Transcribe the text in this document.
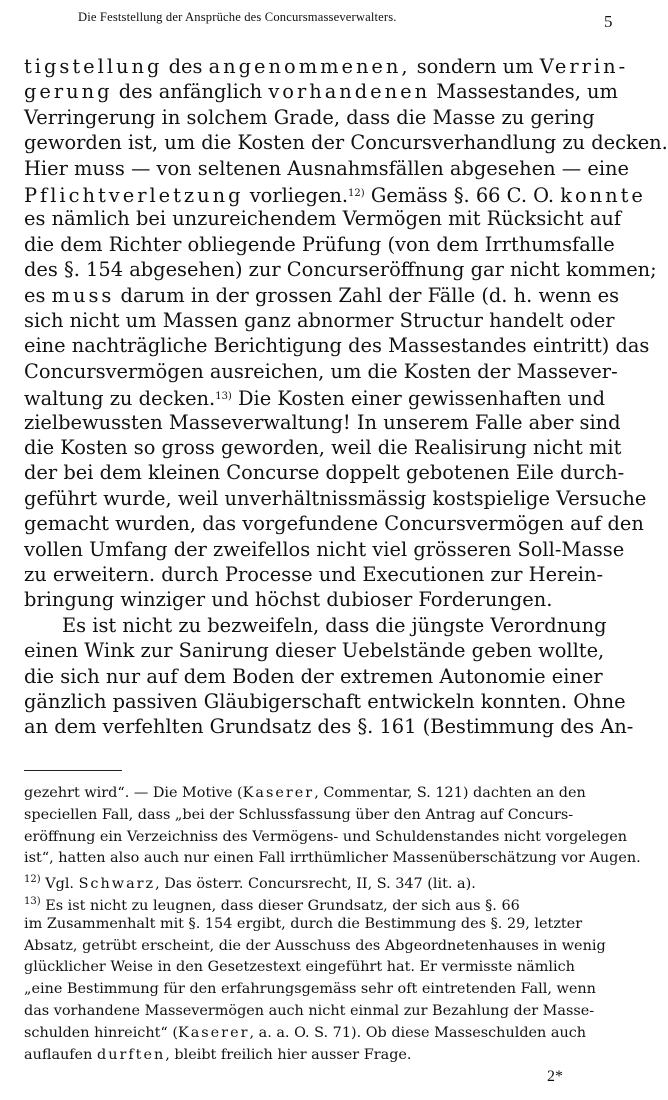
Die Feststellung der Ansprüche des Concursmasseverwalters.	5
tigstellung des angenommenen, sondern um Verrin-
gerung des anfänglich vorhandenen Massestandes, um
Verringerung in solchem Grade, dass die Masse zu gering
geworden ist, um die Kosten der Concursverhandlung zu decken.
Hier muss — von seltenen Ausnahmsfällen abgesehen — eine
Pflichtverletzung vorliegen.$^{12)}$ Gemäss §. 66 C. O. konnte
es nämlich bei unzureichendem Vermögen mit Rücksicht auf
die dem Richter obliegende Prüfung (von dem Irrthumsfalle
des §. 154 abgesehen) zur Concurseröffnung gar nicht kommen;
es muss darum in der grossen Zahl der Fälle (d. h. wenn es
sich nicht um Massen ganz abnormer Structur handelt oder
eine nachträgliche Berichtigung des Massestandes eintritt) das
Concursvermögen ausreichen, um die Kosten der Massever-
waltung zu decken.$^{13)}$ Die Kosten einer gewissenhaften und
zielbewussten Masseverwaltung! In unserem Falle aber sind
die Kosten so gross geworden, weil die Realisirung nicht mit
der bei dem kleinen Concurse doppelt gebotenen Eile durch-
geführt wurde, weil unverhältnissmässig kostspielige Versuche
gemacht wurden, das vorgefundene Concursvermögen auf den
vollen Umfang der zweifellos nicht viel grösseren Soll-Masse
zu erweitern. durch Processe und Executionen zur Herein-
bringung winziger und höchst dubioser Forderungen.
Es ist nicht zu bezweifeln, dass die jüngste Verordnung
einen Wink zur Sanirung dieser Uebelstände geben wollte,
die sich nur auf dem Boden der extremen Autonomie einer
gänzlich passiven Gläubigerschaft entwickeln konnten. Ohne
an dem verfehlten Grundsatz des §. 161 (Bestimmung des An-
gezehrt wird“. — Die Motive (Kaserer, Commentar, S. 121) dachten an den
speciellen Fall, dass „bei der Schlussfassung über den Antrag auf Concurs-
eröffnung ein Verzeichniss des Vermögens- und Schuldenstandes nicht vorgelegen
ist“, hatten also auch nur einen Fall irrthümlicher Massenüberschätzung vor Augen.
$^{12)}$ Vgl. Schwarz, Das österr. Concursrecht, II, S. 347 (lit. a).
$^{13)}$ Es ist nicht zu leugnen, dass dieser Grundsatz, der sich aus §. 66
im Zusammenhalt mit §. 154 ergibt, durch die Bestimmung des §. 29, letzter
Absatz, getrübt erscheint, die der Ausschuss des Abgeordnetenhauses in wenig
glücklicher Weise in den Gesetzestext eingeführt hat. Er vermisste nämlich
„eine Bestimmung für den erfahrungsgemäss sehr oft eintretenden Fall, wenn
das vorhandene Massevermögen auch nicht einmal zur Bezahlung der Masse-
schulden hinreicht“ (Kaserer, a. a. O. S. 71). Ob diese Masseschulden auch
auflaufen durften, bleibt freilich hier ausser Frage.
2*
